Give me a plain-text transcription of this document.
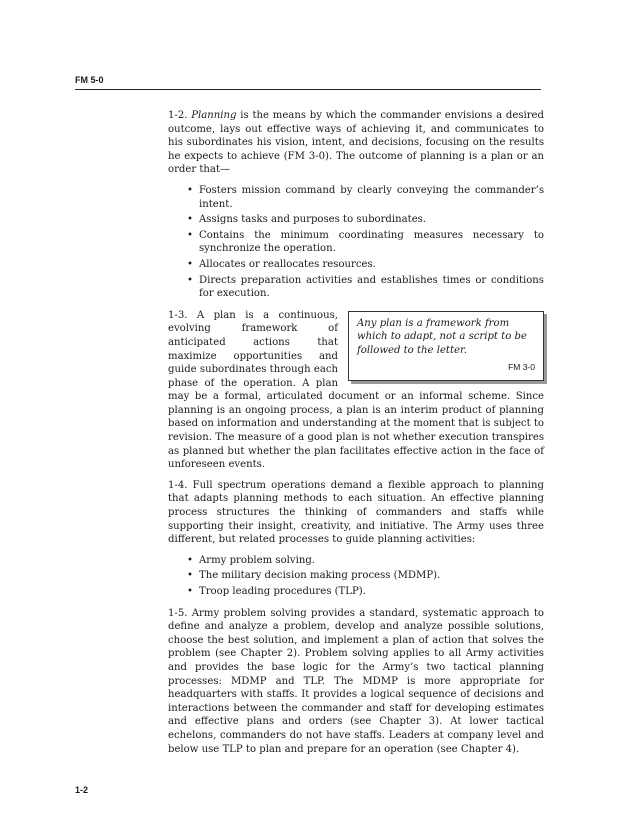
FM 5-0

1-2. Planning is the means by which the commander envisions a desired outcome, lays out effective ways of achieving it, and communicates to his subordinates his vision, intent, and decisions, focusing on the results he expects to achieve (FM 3-0). The outcome of planning is a plan or an order that—

• Fosters mission command by clearly conveying the commander’s intent.
• Assigns tasks and purposes to subordinates.
• Contains the minimum coordinating measures necessary to synchronize the operation.
• Allocates or reallocates resources.
• Directs preparation activities and establishes times or conditions for execution.
Any plan is a framework from which to adapt, not a script to be followed to the letter.
FM 3-0

1-3. A plan is a continuous, evolving framework of anticipated actions that maximize opportunities and guide subordinates through each phase of the operation. A plan may be a formal, articulated document or an informal scheme. Since planning is an ongoing process, a plan is an interim product of planning based on information and understanding at the moment that is subject to revision. The measure of a good plan is not whether execution transpires as planned but whether the plan facilitates effective action in the face of unforeseen events.

1-4. Full spectrum operations demand a flexible approach to planning that adapts planning methods to each situation. An effective planning process structures the thinking of commanders and staffs while supporting their insight, creativity, and initiative. The Army uses three different, but related processes to guide planning activities:

• Army problem solving.
• The military decision making process (MDMP).
• Troop leading procedures (TLP).

1-5. Army problem solving provides a standard, systematic approach to define and analyze a problem, develop and analyze possible solutions, choose the best solution, and implement a plan of action that solves the problem (see Chapter 2). Problem solving applies to all Army activities and provides the base logic for the Army’s two tactical planning processes: MDMP and TLP. The MDMP is more appropriate for headquarters with staffs. It provides a logical sequence of decisions and interactions between the commander and staff for developing estimates and effective plans and orders (see Chapter 3). At lower tactical echelons, commanders do not have staffs. Leaders at company level and below use TLP to plan and prepare for an operation (see Chapter 4).

1-2
